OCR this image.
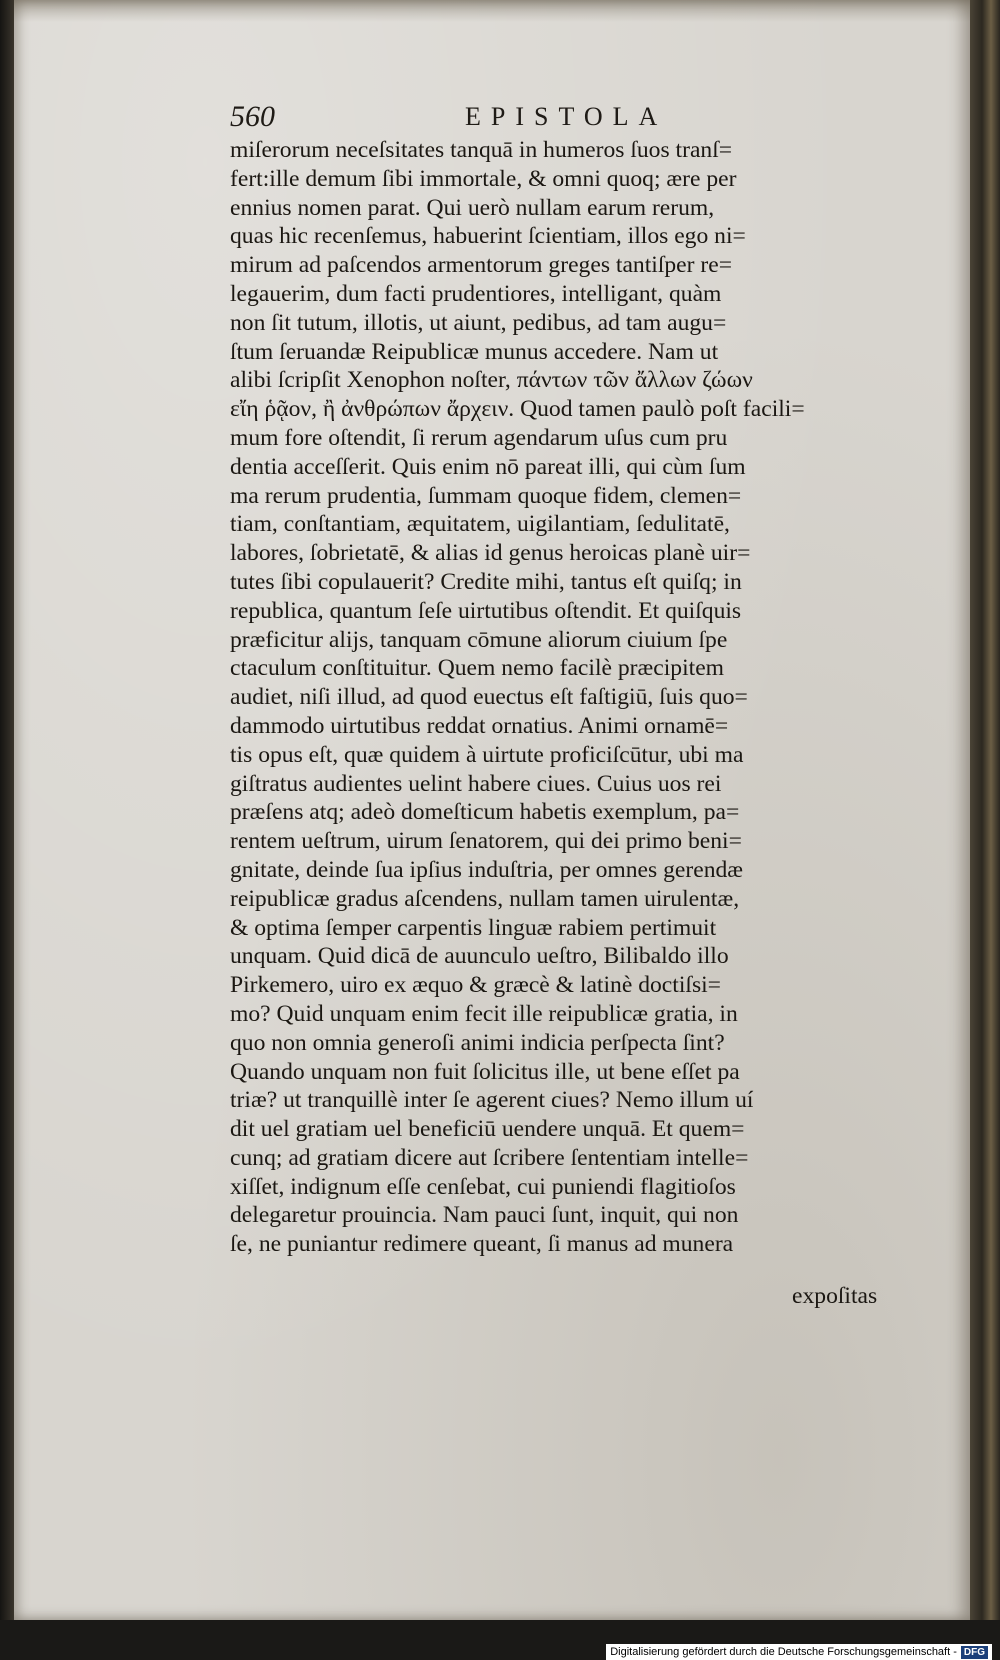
560	EPISTOLA
miſerorum neceſsitates tanquā in humeros ſuos tranſ=
fert:ille demum ſibi immortale, & omni quoq; ære per
ennius nomen parat. Qui uerò nullam earum rerum,
quas hic recenſemus, habuerint ſcientiam, illos ego ni=
mirum ad paſcendos armentorum greges tantiſper re=
legauerim, dum facti prudentiores, intelligant, quàm
non ſit tutum, illotis, ut aiunt, pedibus, ad tam augu=
ſtum ſeruandæ Reipublicæ munus accedere. Nam ut
alibi ſcripſit Xenophon noſter, πάντων τῶν ἄλλων ζώων
εἴη ῥᾷον, ἢ ἀνθρώπων ἄρχειν. Quod tamen paulò poſt facili=
mum fore oſtendit, ſi rerum agendarum uſus cum pru
dentia acceſſerit. Quis enim nō pareat illi, qui cùm ſum
ma rerum prudentia, ſummam quoque fidem, clemen=
tiam, conſtantiam, æquitatem, uigilantiam, ſedulitatē,
labores, ſobrietatē, & alias id genus heroicas planè uir=
tutes ſibi copulauerit? Credite mihi, tantus eſt quiſq; in
republica, quantum ſeſe uirtutibus oſtendit. Et quiſquis
præficitur alijs, tanquam cōmune aliorum ciuium ſpe
ctaculum conſtituitur. Quem nemo facilè præcipitem
audiet, niſi illud, ad quod euectus eſt faſtigiū, ſuis quo=
dammodo uirtutibus reddat ornatius. Animi ornamē=
tis opus eſt, quæ quidem à uirtute proficiſcūtur, ubi ma
giſtratus audientes uelint habere ciues. Cuius uos rei
præſens atq; adeò domeſticum habetis exemplum, pa=
rentem ueſtrum, uirum ſenatorem, qui dei primo beni=
gnitate, deinde ſua ipſius induſtria, per omnes gerendæ
reipublicæ gradus aſcendens, nullam tamen uirulentæ,
& optima ſemper carpentis linguæ rabiem pertimuit
unquam. Quid dicā de auunculo ueſtro, Bilibaldo illo
Pirkemero, uiro ex æquo & græcè & latinè doctiſsi=
mo? Quid unquam enim fecit ille reipublicæ gratia, in
quo non omnia generoſi animi indicia perſpecta ſint?
Quando unquam non fuit ſolicitus ille, ut bene eſſet pa
triæ? ut tranquillè inter ſe agerent ciues? Nemo illum uí
dit uel gratiam uel beneficiū uendere unquā. Et quem=
cunq; ad gratiam dicere aut ſcribere ſententiam intelle=
xiſſet, indignum eſſe cenſebat, cui puniendi flagitioſos
delegaretur prouincia. Nam pauci ſunt, inquit, qui non
ſe, ne puniantur redimere queant, ſi manus ad munera
expoſitas
Digitalisierung gefördert durch die Deutsche Forschungsgemeinschaft - DFG
